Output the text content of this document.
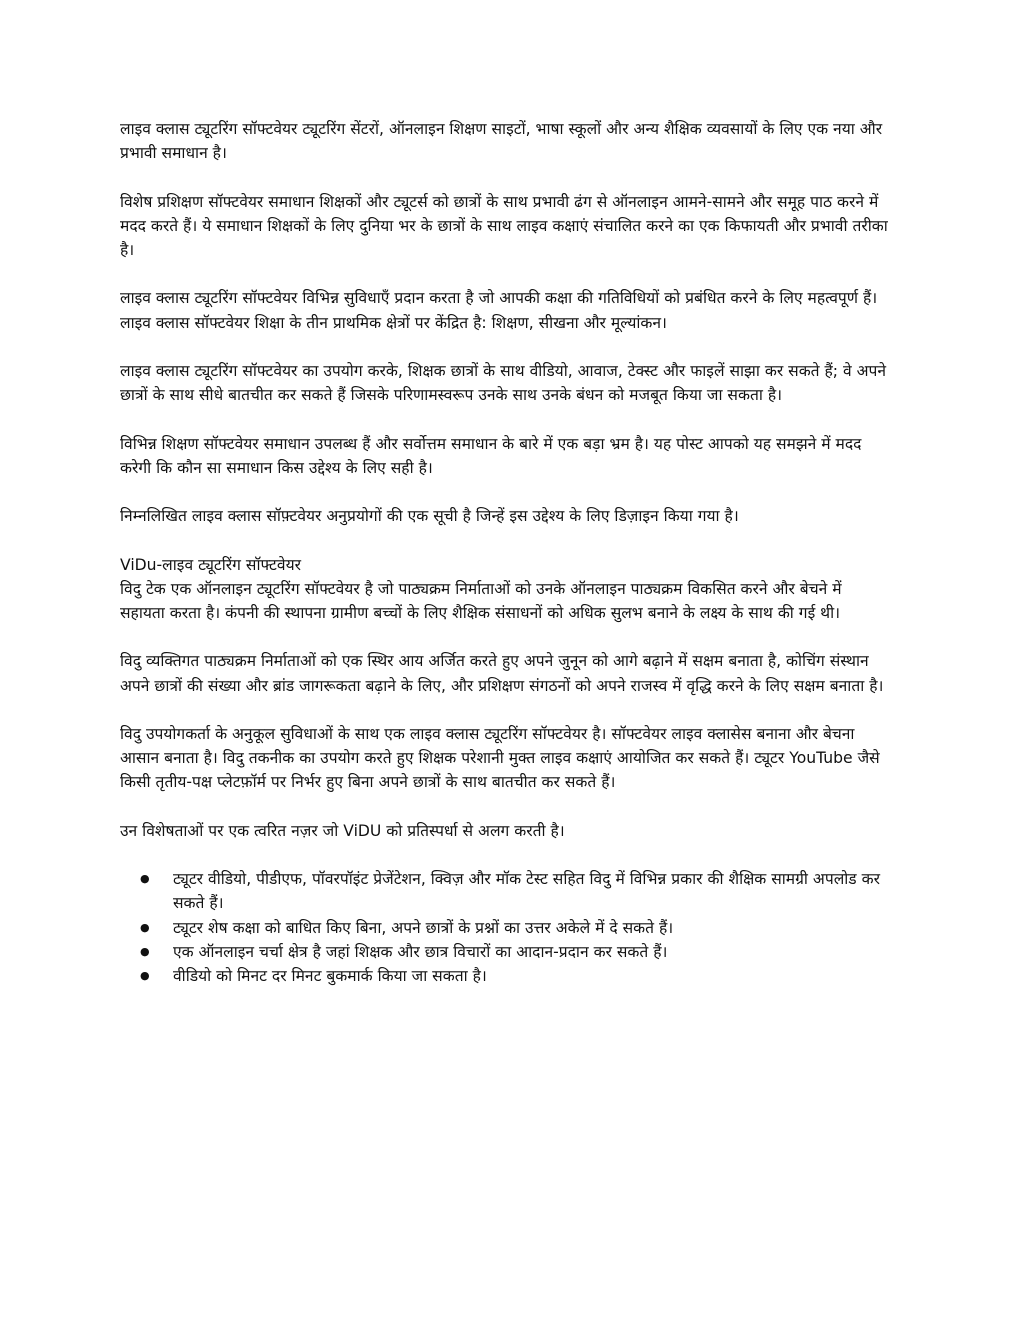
लाइव क्लास ट्यूटरिंग सॉफ्टवेयर ट्यूटरिंग सेंटरों, ऑनलाइन शिक्षण साइटों, भाषा स्कूलों और अन्य शैक्षिक व्यवसायों के लिए एक नया और प्रभावी समाधान है।

विशेष प्रशिक्षण सॉफ्टवेयर समाधान शिक्षकों और ट्यूटर्स को छात्रों के साथ प्रभावी ढंग से ऑनलाइन आमने-सामने और समूह पाठ करने में मदद करते हैं। ये समाधान शिक्षकों के लिए दुनिया भर के छात्रों के साथ लाइव कक्षाएं संचालित करने का एक किफायती और प्रभावी तरीका है।

लाइव क्लास ट्यूटरिंग सॉफ्टवेयर विभिन्न सुविधाएँ प्रदान करता है जो आपकी कक्षा की गतिविधियों को प्रबंधित करने के लिए महत्वपूर्ण हैं। लाइव क्लास सॉफ्टवेयर शिक्षा के तीन प्राथमिक क्षेत्रों पर केंद्रित है: शिक्षण, सीखना और मूल्यांकन।

लाइव क्लास ट्यूटरिंग सॉफ्टवेयर का उपयोग करके, शिक्षक छात्रों के साथ वीडियो, आवाज, टेक्स्ट और फाइलें साझा कर सकते हैं; वे अपने छात्रों के साथ सीधे बातचीत कर सकते हैं जिसके परिणामस्वरूप उनके साथ उनके बंधन को मजबूत किया जा सकता है।

विभिन्न शिक्षण सॉफ्टवेयर समाधान उपलब्ध हैं और सर्वोत्तम समाधान के बारे में एक बड़ा भ्रम है। यह पोस्ट आपको यह समझने में मदद करेगी कि कौन सा समाधान किस उद्देश्य के लिए सही है।

निम्नलिखित लाइव क्लास सॉफ़्टवेयर अनुप्रयोगों की एक सूची है जिन्हें इस उद्देश्य के लिए डिज़ाइन किया गया है।

ViDu-लाइव ट्यूटरिंग सॉफ्टवेयर

विदु टेक एक ऑनलाइन ट्यूटरिंग सॉफ्टवेयर है जो पाठ्यक्रम निर्माताओं को उनके ऑनलाइन पाठ्यक्रम विकसित करने और बेचने में सहायता करता है। कंपनी की स्थापना ग्रामीण बच्चों के लिए शैक्षिक संसाधनों को अधिक सुलभ बनाने के लक्ष्य के साथ की गई थी।

विदु व्यक्तिगत पाठ्यक्रम निर्माताओं को एक स्थिर आय अर्जित करते हुए अपने जुनून को आगे बढ़ाने में सक्षम बनाता है, कोचिंग संस्थान अपने छात्रों की संख्या और ब्रांड जागरूकता बढ़ाने के लिए, और प्रशिक्षण संगठनों को अपने राजस्व में वृद्धि करने के लिए सक्षम बनाता है।

विदु उपयोगकर्ता के अनुकूल सुविधाओं के साथ एक लाइव क्लास ट्यूटरिंग सॉफ्टवेयर है। सॉफ्टवेयर लाइव क्लासेस बनाना और बेचना आसान बनाता है। विदु तकनीक का उपयोग करते हुए शिक्षक परेशानी मुक्त लाइव कक्षाएं आयोजित कर सकते हैं। ट्यूटर YouTube जैसे किसी तृतीय-पक्ष प्लेटफ़ॉर्म पर निर्भर हुए बिना अपने छात्रों के साथ बातचीत कर सकते हैं।

उन विशेषताओं पर एक त्वरित नज़र जो ViDU को प्रतिस्पर्धा से अलग करती है।

●	ट्यूटर वीडियो, पीडीएफ, पॉवरपॉइंट प्रेजेंटेशन, क्विज़ और मॉक टेस्ट सहित विदु में विभिन्न प्रकार की शैक्षिक सामग्री अपलोड कर सकते हैं।
●	ट्यूटर शेष कक्षा को बाधित किए बिना, अपने छात्रों के प्रश्नों का उत्तर अकेले में दे सकते हैं।
●	एक ऑनलाइन चर्चा क्षेत्र है जहां शिक्षक और छात्र विचारों का आदान-प्रदान कर सकते हैं।
●	वीडियो को मिनट दर मिनट बुकमार्क किया जा सकता है।
